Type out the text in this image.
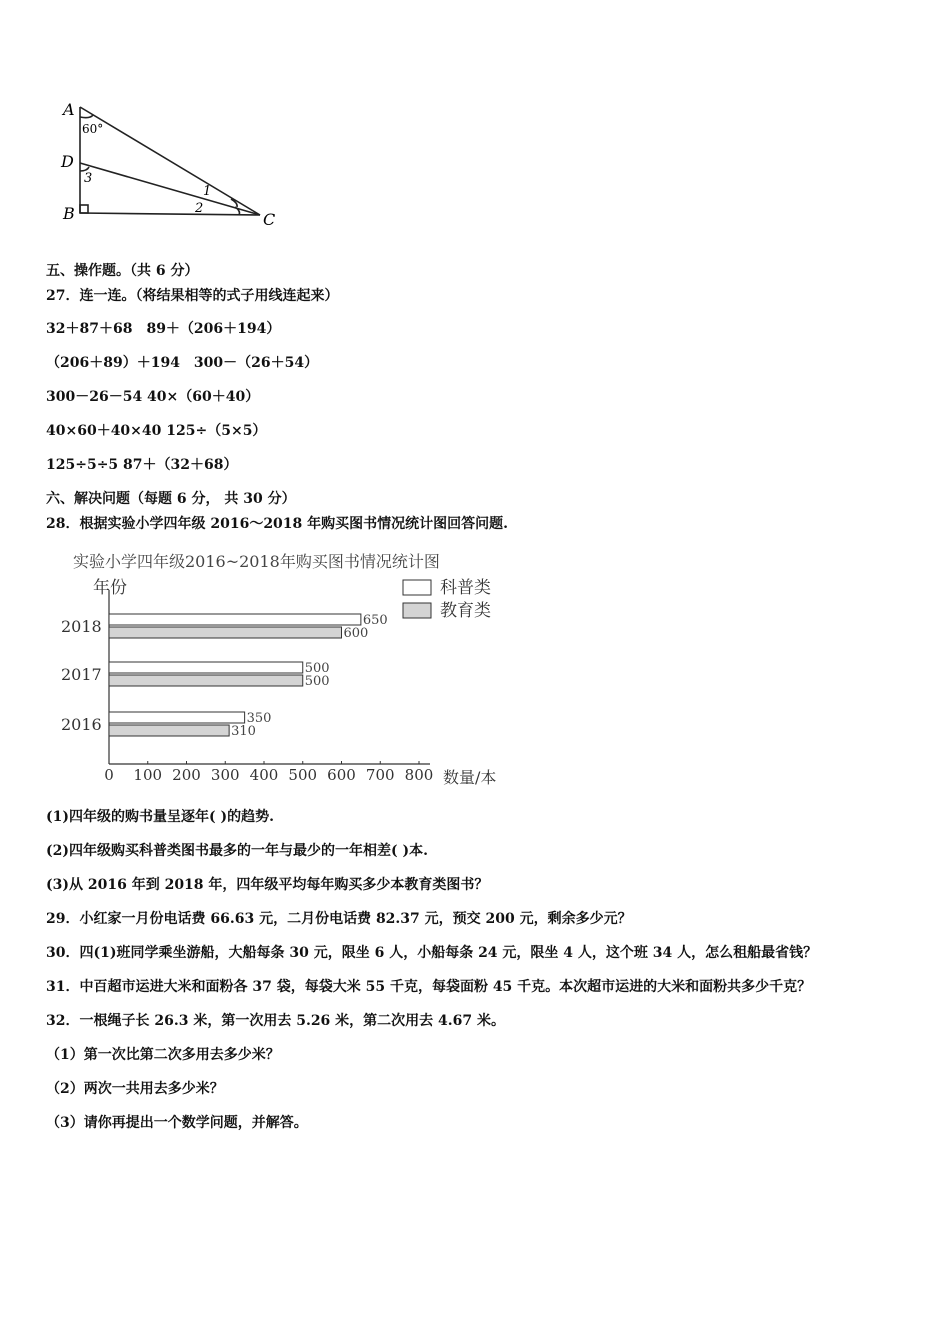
A
60°
D
3
B
1
2
C
五、操作题。（共 6 分）
27．连一连。（将结果相等的式子用线连起来）
32＋87＋68　89＋（206＋194）
（206＋89）＋194　300－（26＋54）
300－26－54 40×（60＋40）
40×60＋40×40 125÷（5×5）
125÷5÷5 87＋（32＋68）
六、解决问题（每题 6 分， 共 30 分）
28．根据实验小学四年级 2016～2018 年购买图书情况统计图回答问题.
实验小学四年级2016~2018年购买图书情况统计图
年份
数量/本
科普类
教育类
2018	650
600
2017	500
500
2016	350
310
0 100 200 300 400 500 600 700 800
(1)四年级的购书量呈逐年( )的趋势.
(2)四年级购买科普类图书最多的一年与最少的一年相差( )本.
(3)从 2016 年到 2018 年，四年级平均每年购买多少本教育类图书？
29．小红家一月份电话费 66.63 元，二月份电话费 82.37 元，预交 200 元，剩余多少元？
30．四(1)班同学乘坐游船，大船每条 30 元，限坐 6 人，小船每条 24 元，限坐 4 人，这个班 34 人，怎么租船最省钱？
31．中百超市运进大米和面粉各 37 袋，每袋大米 55 千克，每袋面粉 45 千克。本次超市运进的大米和面粉共多少千克？
32．一根绳子长 26.3 米，第一次用去 5.26 米，第二次用去 4.67 米。
（1）第一次比第二次多用去多少米？
（2）两次一共用去多少米？
（3）请你再提出一个数学问题，并解答。
